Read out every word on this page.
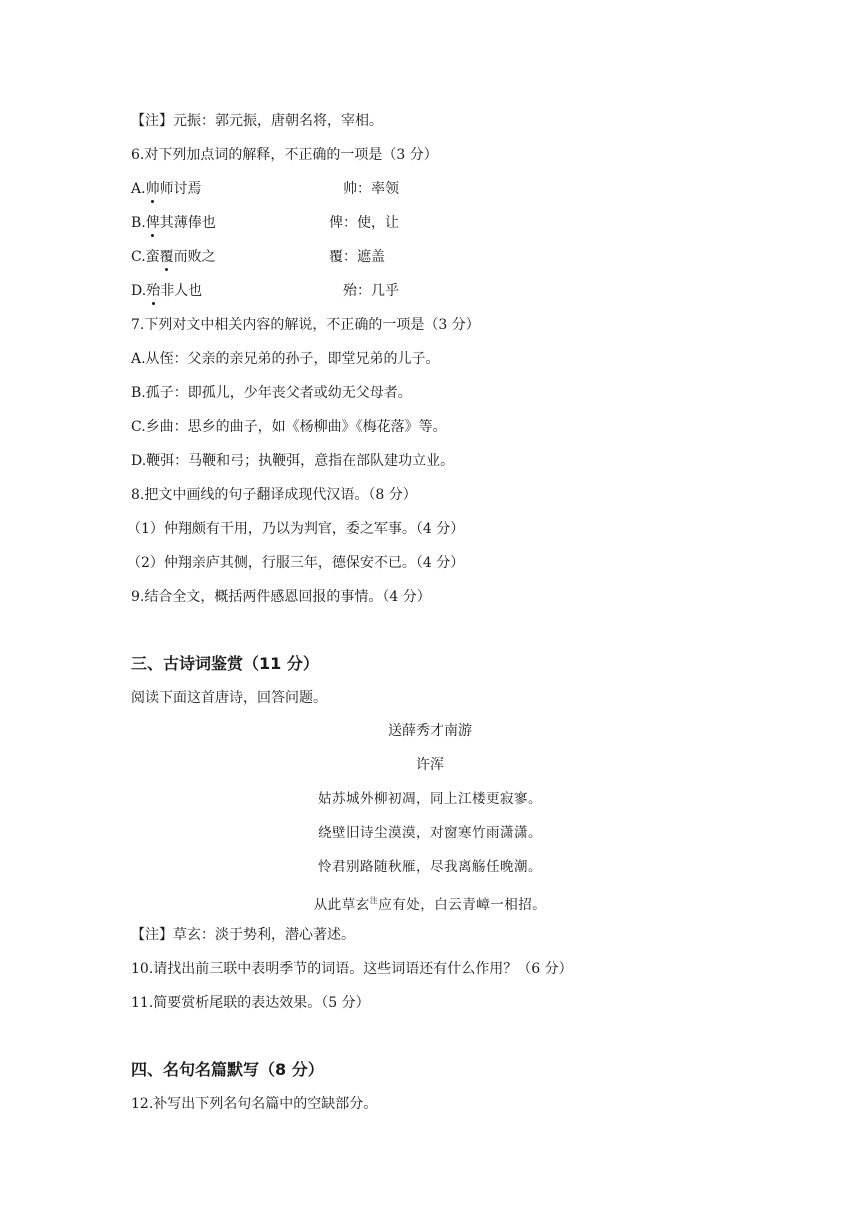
【注】元振：郭元振，唐朝名将，宰相。
6.对下列加点词的解释，不正确的一项是（3 分）
A.帅师讨焉	帅：率领
B.俾其薄俸也	俾：使，让
C.蛮覆而败之	覆：遮盖
D.殆非人也	殆：几乎
7.下列对文中相关内容的解说，不正确的一项是（3 分）
A.从侄：父亲的亲兄弟的孙子，即堂兄弟的儿子。
B.孤子：即孤儿，少年丧父者或幼无父母者。
C.乡曲：思乡的曲子，如《杨柳曲》《梅花落》等。
D.鞭弭：马鞭和弓；执鞭弭，意指在部队建功立业。
8.把文中画线的句子翻译成现代汉语。（8 分）
（1）仲翔颇有干用，乃以为判官，委之军事。（4 分）
（2）仲翔亲庐其侧，行服三年，德保安不已。（4 分）
9.结合全文，概括两件感恩回报的事情。（4 分）
三、古诗词鉴赏（11 分）
阅读下面这首唐诗，回答问题。
送薛秀才南游
许浑
姑苏城外柳初凋，同上江楼更寂寥。
绕壁旧诗尘漠漠，对窗寒竹雨潇潇。
怜君别路随秋雁，尽我离觞任晚潮。
从此草玄$^注$应有处，白云青嶂一相招。
【注】草玄：淡于势利，潜心著述。
10.请找出前三联中表明季节的词语。这些词语还有什么作用？（6 分）
11.简要赏析尾联的表达效果。（5 分）
四、名句名篇默写（8 分）
12.补写出下列名句名篇中的空缺部分。
